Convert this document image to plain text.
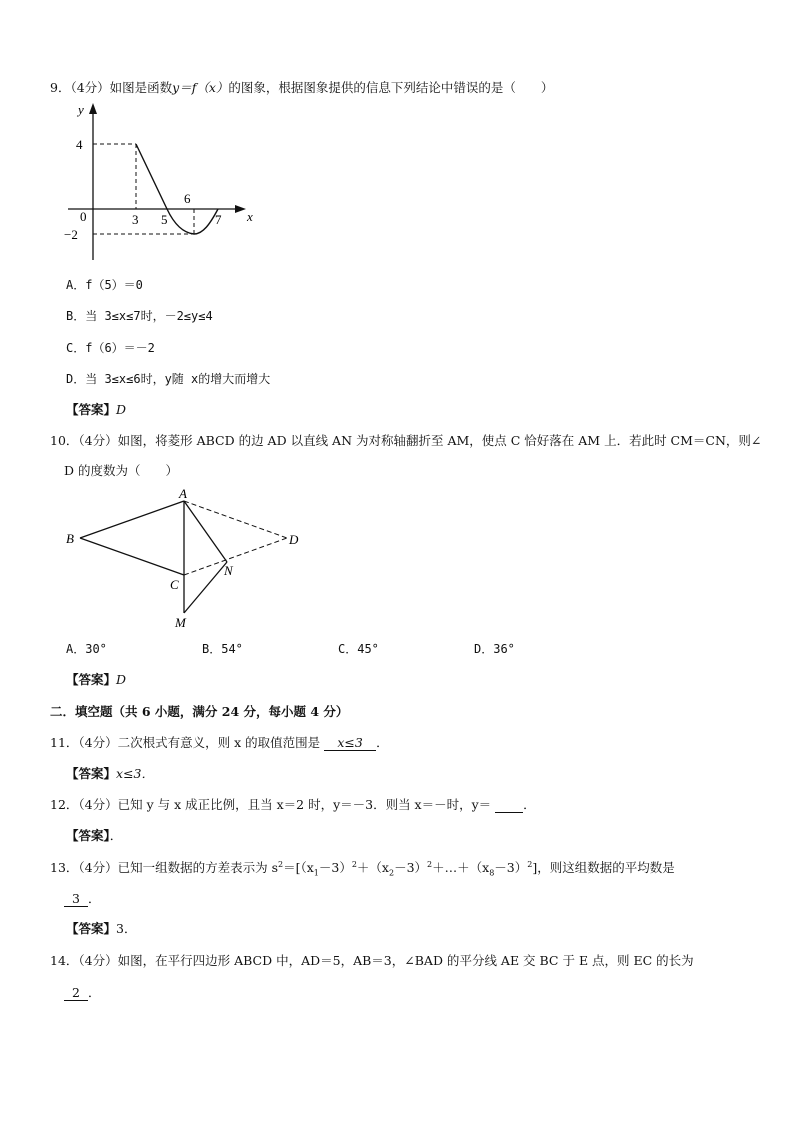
9．（4分）如图是函数y＝f（x）的图象，根据图象提供的信息下列结论中错误的是（　　）
y
x
0
4
−2
3 5
6
7
A．f（5）＝0
B．当 3≤x≤7时，－2≤y≤4
C．f（6）＝－2
D．当 3≤x≤6时，y随 x的增大而增大
【答案】D
10．（4分）如图，将菱形 ABCD 的边 AD 以直线 AN 为对称轴翻折至 AM，使点 C 恰好落在 AM 上．若此时 CM＝CN，则∠
D 的度数为（　　）
A
B
C
D
M
N
A．30°	B．54°	C．45°	D．36°
【答案】D
二．填空题（共 6 小题，满分 24 分，每小题 4 分）
11．（4分）二次根式有意义，则 x 的取值范围是 x≤3 ．
【答案】x≤3．
12．（4分）已知 y 与 x 成正比例，且当 x＝2 时，y＝－3．则当 x＝－时，y＝	．
【答案】．
13．（4分）已知一组数据的方差表示为 $s^2=[(x_1-3)^2+(x_2-3)^2+\dots+(x_8-3)^2]$，则这组数据的平均数是
3 ．
【答案】3．
14．（4分）如图，在平行四边形 ABCD 中，AD＝5，AB＝3，∠BAD 的平分线 AE 交 BC 于 E 点，则 EC 的长为
2 ．
